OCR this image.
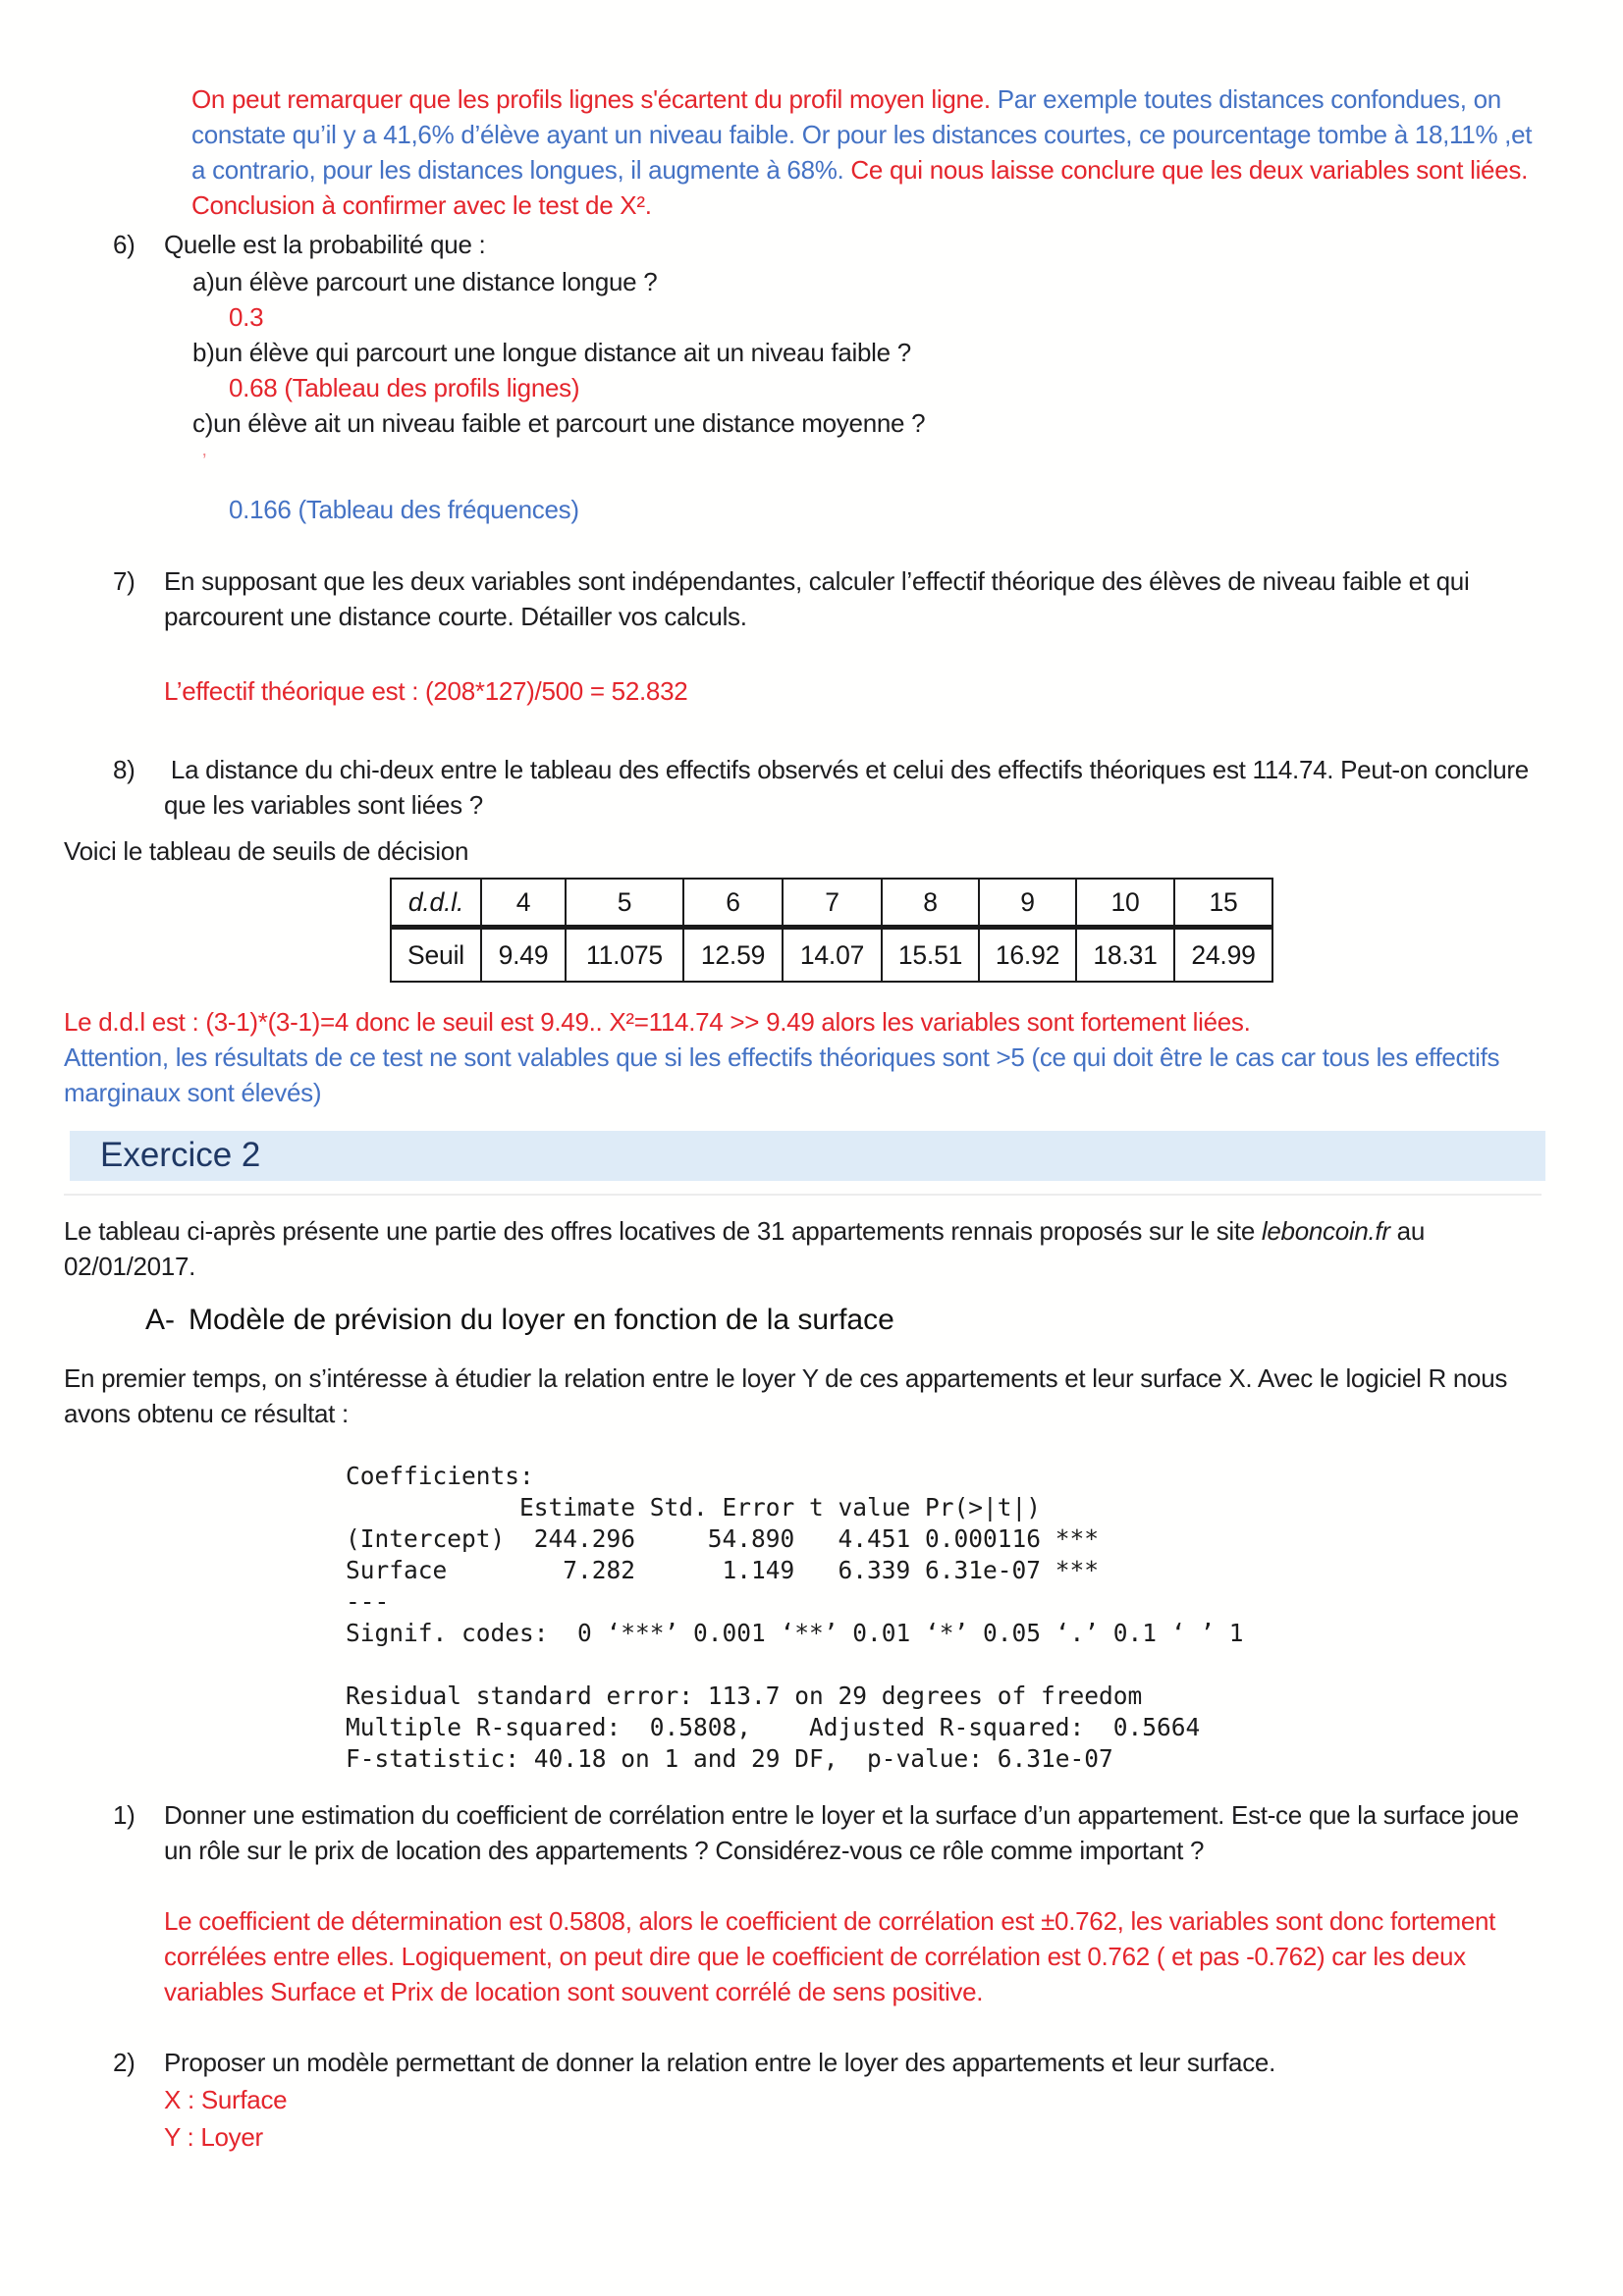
On peut remarquer que les profils lignes s'écartent du profil moyen ligne. Par exemple toutes distances confondues, on constate qu’il y a 41,6% d’élève ayant un niveau faible. Or pour les distances courtes, ce pourcentage tombe à 18,11% ,et a contrario, pour les distances longues, il augmente à 68%. Ce qui nous laisse conclure que les deux variables sont liées. Conclusion à confirmer avec le test de X².

6) Quelle est la probabilité que :
a)un élève parcourt une distance longue ?
0.3
b)un élève qui parcourt une longue distance ait un niveau faible ?
0.68 (Tableau des profils lignes)
c)un élève ait un niveau faible et parcourt une distance moyenne ?
’
0.166 (Tableau des fréquences)
7) En supposant que les deux variables sont indépendantes, calculer l’effectif théorique des élèves de niveau faible et qui parcourent une distance courte. Détailler vos calculs.
L’effectif théorique est : (208*127)/500 = 52.832
8) La distance du chi-deux entre le tableau des effectifs observés et celui des effectifs théoriques est 114.74. Peut-on conclure que les variables sont liées ?
Voici le tableau de seuils de décision
d.d.l.	4	5	6	7	8	9	10	15
Seuil	9.49	11.075	12.59	14.07	15.51	16.92	18.31	24.99
Le d.d.l est : (3-1)*(3-1)=4 donc le seuil est 9.49.. X²=114.74 >> 9.49 alors les variables sont fortement liées.
Attention, les résultats de ce test ne sont valables que si les effectifs théoriques sont >5 (ce qui doit être le cas car tous les effectifs marginaux sont élevés)
Exercice 2

Le tableau ci-après présente une partie des offres locatives de 31 appartements rennais proposés sur le site leboncoin.fr au 02/01/2017.

A- Modèle de prévision du loyer en fonction de la surface
En premier temps, on s’intéresse à étudier la relation entre le loyer Y de ces appartements et leur surface X. Avec le logiciel R nous avons obtenu ce résultat :
Coefficients:
Estimate Std. Error t value Pr(>|t|)
(Intercept)  244.296     54.890   4.451 0.000116 ***
Surface        7.282      1.149   6.339 6.31e-07 ***
---
Signif. codes:  0 ‘***’ 0.001 ‘**’ 0.01 ‘*’ 0.05 ‘.’ 0.1 ‘ ’ 1

Residual standard error: 113.7 on 29 degrees of freedom
Multiple R-squared:  0.5808,    Adjusted R-squared:  0.5664
F-statistic: 40.18 on 1 and 29 DF,  p-value: 6.31e-07
1) Donner une estimation du coefficient de corrélation entre le loyer et la surface d’un appartement. Est-ce que la surface joue un rôle sur le prix de location des appartements ? Considérez-vous ce rôle comme important ?
Le coefficient de détermination est 0.5808, alors le coefficient de corrélation est ±0.762, les variables sont donc fortement corrélées entre elles. Logiquement, on peut dire que le coefficient de corrélation est 0.762 ( et pas -0.762) car les deux variables Surface et Prix de location sont souvent corrélé de sens positive.
2) Proposer un modèle permettant de donner la relation entre le loyer des appartements et leur surface.
X : Surface
Y : Loyer
